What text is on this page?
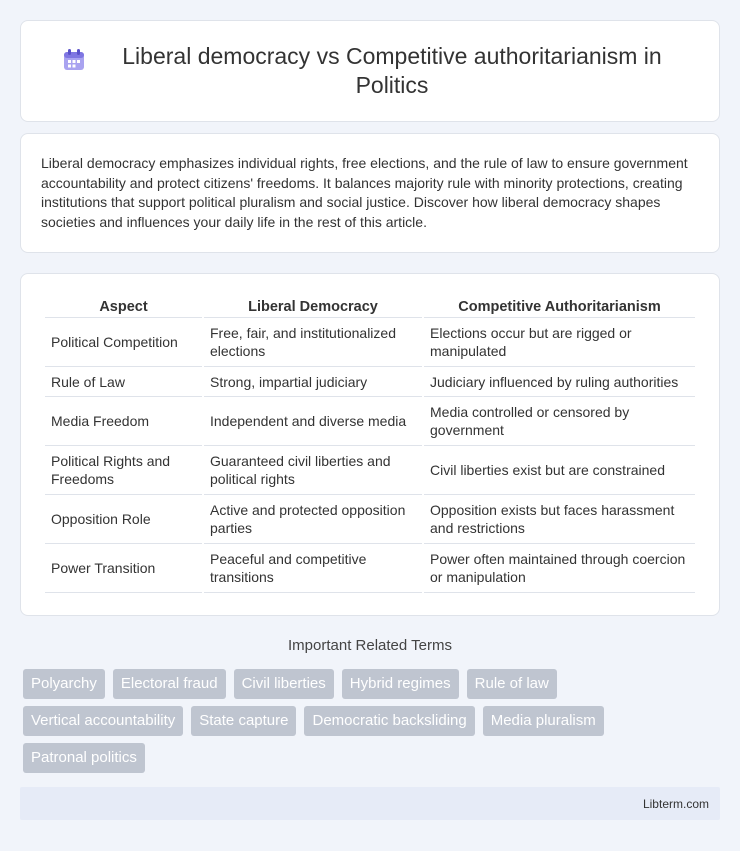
Liberal democracy vs Competitive authoritarianism in Politics

Liberal democracy emphasizes individual rights, free elections, and the rule of law to ensure government accountability and protect citizens' freedoms. It balances majority rule with minority protections, creating institutions that support political pluralism and social justice. Discover how liberal democracy shapes societies and influences your daily life in the rest of this article.

Aspect	Liberal Democracy	Competitive Authoritarianism
Political Competition	Free, fair, and institutionalized elections	Elections occur but are rigged or manipulated
Rule of Law	Strong, impartial judiciary	Judiciary influenced by ruling authorities
Media Freedom	Independent and diverse media	Media controlled or censored by government
Political Rights and Freedoms	Guaranteed civil liberties and political rights	Civil liberties exist but are constrained
Opposition Role	Active and protected opposition parties	Opposition exists but faces harassment and restrictions
Power Transition	Peaceful and competitive transitions	Power often maintained through coercion or manipulation
Important Related Terms
Polyarchy	Electoral fraud	Civil liberties	Hybrid regimes	Rule of law
Vertical accountability	State capture	Democratic backsliding	Media pluralism
Patronal politics
Libterm.com
